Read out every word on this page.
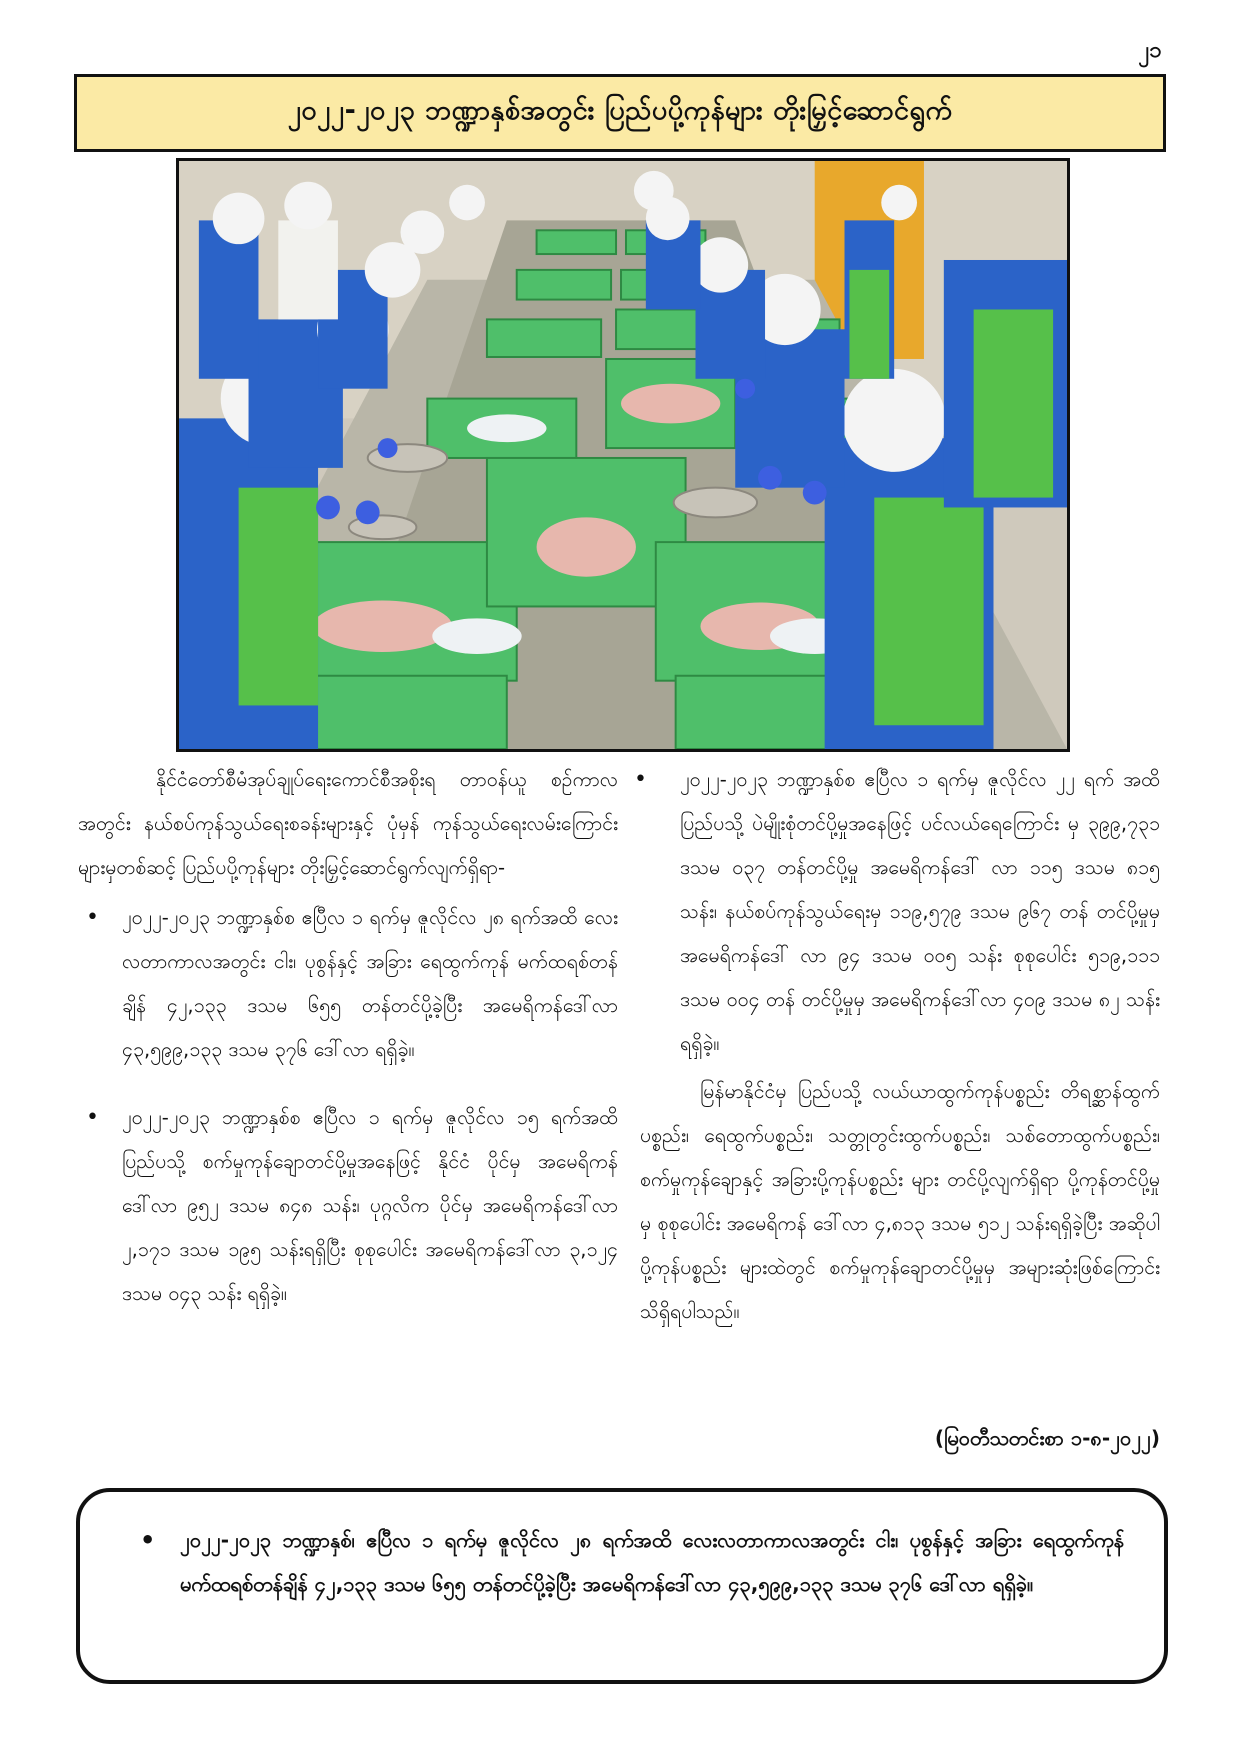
၂၁
၂၀၂၂-၂၀၂၃ ဘဏ္ဍာနှစ်အတွင်း ပြည်ပပို့ကုန်များ တိုးမြှင့်ဆောင်ရွက်

နိုင်ငံတော်စီမံအုပ်ချုပ်ရေးကောင်စီအစိုးရ တာဝန်ယူ စဉ်ကာလအတွင်း နယ်စပ်ကုန်သွယ်ရေးစခန်းများနှင့် ပုံမှန် ကုန်သွယ်ရေးလမ်းကြောင်းများမှတစ်ဆင့် ပြည်ပပို့ကုန်များ တိုးမြှင့်ဆောင်ရွက်လျက်ရှိရာ-

• ၂၀၂၂-၂၀၂၃ ဘဏ္ဍာနှစ်စ ဧပြီလ ၁ ရက်မှ ဇူလိုင်လ ၂၈ ရက်အထိ လေးလတာကာလအတွင်း ငါး၊ ပုစွန်နှင့် အခြား ရေထွက်ကုန် မက်ထရစ်တန်ချိန် ၄၂,၁၃၃ ဒသမ ၆၅၅ တန်တင်ပို့ခဲ့ပြီး အမေရိကန်ဒေါ်လာ ၄၃,၅၉၉,၁၃၃ ဒသမ ၃၇၆ ဒေါ်လာ ရရှိခဲ့။
• ၂၀၂၂-၂၀၂၃ ဘဏ္ဍာနှစ်စ ဧပြီလ ၁ ရက်မှ ဇူလိုင်လ ၁၅ ရက်အထိ ပြည်ပသို့ စက်မှုကုန်ချောတင်ပို့မှုအနေဖြင့် နိုင်ငံ ပိုင်မှ အမေရိကန်ဒေါ်လာ ၉၅၂ ဒသမ ၈၄၈ သန်း၊ ပုဂ္ဂလိက ပိုင်မှ အမေရိကန်ဒေါ်လာ ၂,၁၇၁ ဒသမ ၁၉၅ သန်းရရှိပြီး စုစုပေါင်း အမေရိကန်ဒေါ်လာ ၃,၁၂၄ ဒသမ ၀၄၃ သန်း ရရှိခဲ့။
• ၂၀၂၂-၂၀၂၃ ဘဏ္ဍာနှစ်စ ဧပြီလ ၁ ရက်မှ ဇူလိုင်လ ၂၂ ရက် အထိ ပြည်ပသို့ ပဲမျိုးစုံတင်ပို့မှုအနေဖြင့် ပင်လယ်ရေကြောင်း မှ ၃၉၉,၇၃၁ ဒသမ ၀၃၇ တန်တင်ပို့မှု အမေရိကန်ဒေါ် လာ ၁၁၅ ဒသမ ၈၁၅ သန်း၊ နယ်စပ်ကုန်သွယ်ရေးမှ ၁၁၉,၅၇၉ ဒသမ ၉၆၇ တန် တင်ပို့မှုမှ အမေရိကန်ဒေါ် လာ ၉၄ ဒသမ ၀၀၅ သန်း စုစုပေါင်း ၅၁၉,၁၁၁ ဒသမ ၀၀၄ တန် တင်ပို့မှုမှ အမေရိကန်ဒေါ်လာ ၄၀၉ ဒသမ ၈၂ သန်း ရရှိခဲ့။

မြန်မာနိုင်ငံမှ ပြည်ပသို့ လယ်ယာထွက်ကုန်ပစ္စည်း တိရစ္ဆာန်ထွက်ပစ္စည်း၊ ရေထွက်ပစ္စည်း၊ သတ္တုတွင်းထွက်ပစ္စည်း၊ သစ်တောထွက်ပစ္စည်း၊ စက်မှုကုန်ချောနှင့် အခြားပို့ကုန်ပစ္စည်း များ တင်ပို့လျက်ရှိရာ ပို့ကုန်တင်ပို့မှုမှ စုစုပေါင်း အမေရိကန် ဒေါ်လာ ၄,၈၁၃ ဒသမ ၅၁၂ သန်းရရှိခဲ့ပြီး အဆိုပါပို့ကုန်ပစ္စည်း များထဲတွင် စက်မှုကုန်ချောတင်ပို့မှုမှ အများဆုံးဖြစ်ကြောင်း သိရှိရပါသည်။

(မြဝတီသတင်းစာ ၁-၈-၂၀၂၂)
• ၂၀၂၂-၂၀၂၃ ဘဏ္ဍာနှစ်၊ ဧပြီလ ၁ ရက်မှ ဇူလိုင်လ ၂၈ ရက်အထိ လေးလတာကာလအတွင်း ငါး၊ ပုစွန်နှင့် အခြား ရေထွက်ကုန် မက်ထရစ်တန်ချိန် ၄၂,၁၃၃ ဒသမ ၆၅၅ တန်တင်ပို့ခဲ့ပြီး အမေရိကန်ဒေါ်လာ ၄၃,၅၉၉,၁၃၃ ဒသမ ၃၇၆ ဒေါ်လာ ရရှိခဲ့။
